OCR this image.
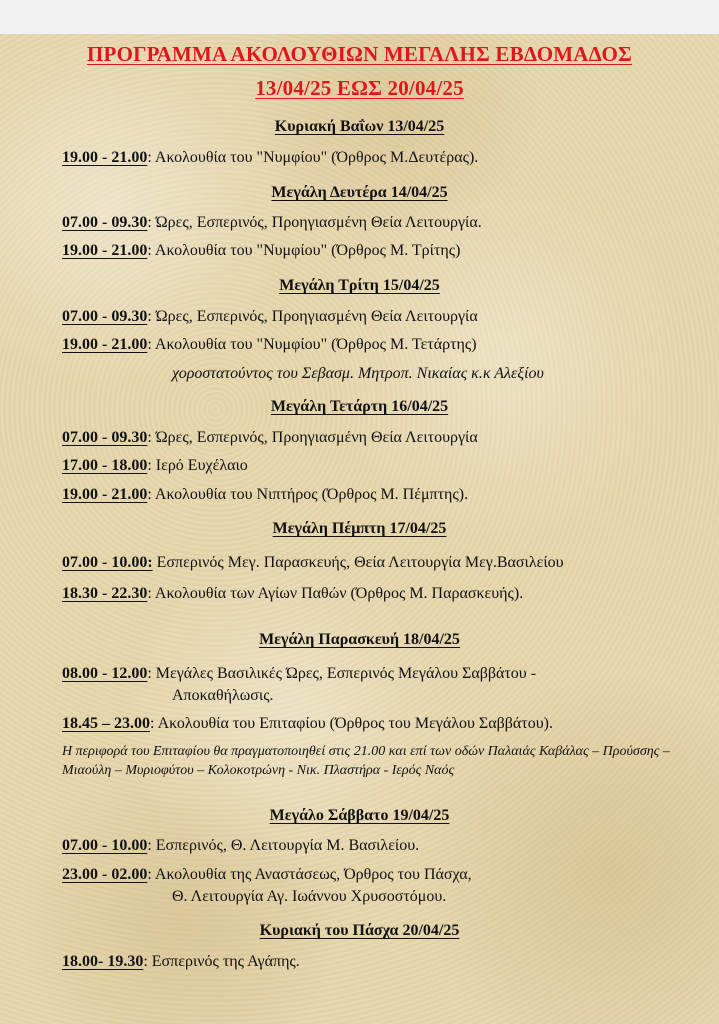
ΠΡΟΓΡΑΜΜΑ ΑΚΟΛΟΥΘΙΩΝ ΜΕΓΑΛΗΣ ΕΒΔΟΜΑΔΟΣ
13/04/25 ΕΩΣ 20/04/25
Κυριακή Βαΐων 13/04/25
19.00 - 21.00: Ακολουθία του "Νυμφίου" (Όρθρος Μ.Δευτέρας).
Μεγάλη Δευτέρα 14/04/25
07.00 - 09.30: Ώρες, Εσπερινός, Προηγιασμένη Θεία Λειτουργία.
19.00 - 21.00: Ακολουθία του "Νυμφίου" (Όρθρος Μ. Τρίτης)
Μεγάλη Τρίτη 15/04/25
07.00 - 09.30: Ώρες, Εσπερινός, Προηγιασμένη Θεία Λειτουργία
19.00 - 21.00: Ακολουθία του "Νυμφίου" (Όρθρος Μ. Τετάρτης)
χοροστατούντος του Σεβασμ. Μητροπ. Νικαίας κ.κ Αλεξίου
Μεγάλη Τετάρτη 16/04/25
07.00 - 09.30: Ώρες, Εσπερινός, Προηγιασμένη Θεία Λειτουργία
17.00 - 18.00: Ιερό Ευχέλαιο
19.00 - 21.00: Ακολουθία του Νιπτήρος (Όρθρος Μ. Πέμπτης).
Μεγάλη Πέμπτη 17/04/25
07.00 - 10.00: Εσπερινός Μεγ. Παρασκευής, Θεία Λειτουργία Μεγ.Βασιλείου
18.30 - 22.30: Ακολουθία των Αγίων Παθών (Όρθρος Μ. Παρασκευής).
Μεγάλη Παρασκευή 18/04/25
08.00 - 12.00: Μεγάλες Βασιλικές Ώρες, Εσπερινός Μεγάλου Σαββάτου -
Αποκαθήλωσις.
18.45 – 23.00: Ακολουθία του Επιταφίου (Όρθρος του Μεγάλου Σαββάτου).
Η περιφορά του Επιταφίου θα πραγματοποιηθεί στις 21.00 και επί των οδών Παλαιάς Καβάλας – Προύσσης – Μιαούλη – Μυριοφύτου – Κολοκοτρώνη - Νικ. Πλαστήρα - Ιερός Ναός
Μεγάλο Σάββατο 19/04/25
07.00 - 10.00: Εσπερινός, Θ. Λειτουργία Μ. Βασιλείου.
23.00 - 02.00: Ακολουθία της Αναστάσεως, Όρθρος του Πάσχα,
Θ. Λειτουργία Αγ. Ιωάννου Χρυσοστόμου.
Κυριακή του Πάσχα 20/04/25
18.00- 19.30: Εσπερινός της Αγάπης.
